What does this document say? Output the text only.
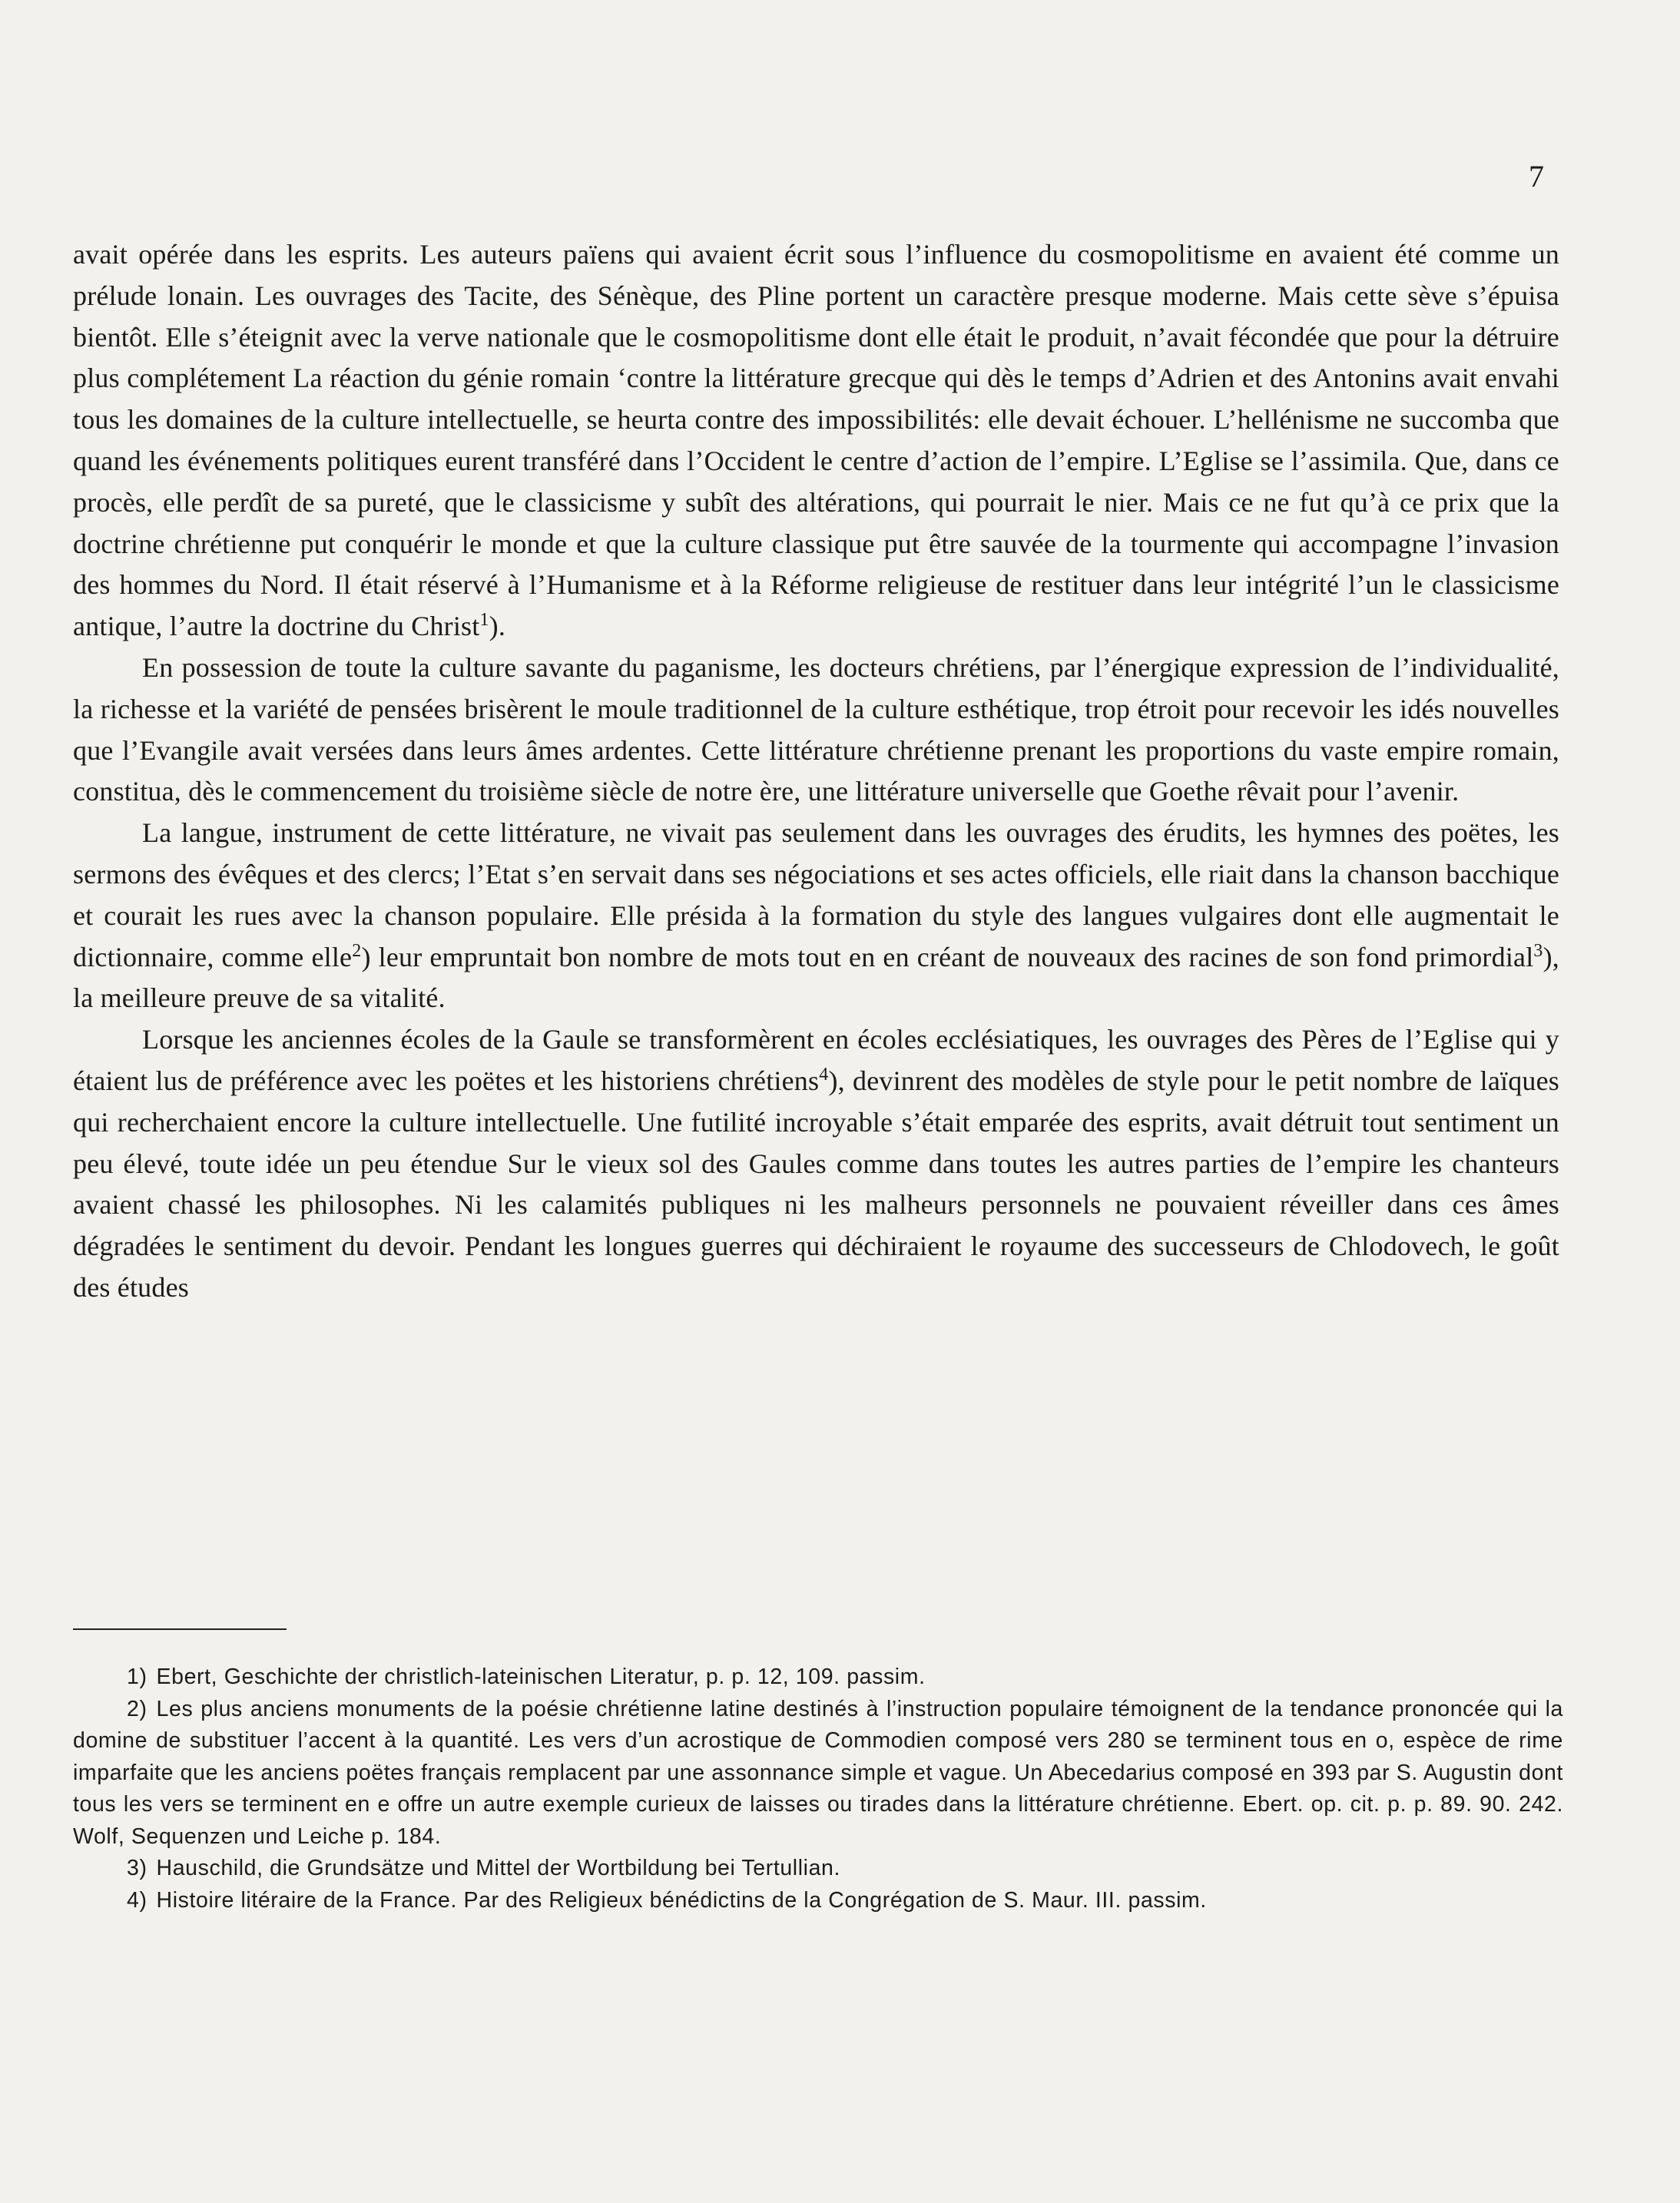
7

avait opérée dans les esprits. Les auteurs païens qui avaient écrit sous l’influence du cosmopolitisme en avaient été comme un prélude lonain. Les ouvrages des Tacite, des Sénèque, des Pline portent un caractère presque moderne. Mais cette sève s’épuisa bientôt. Elle s’éteignit avec la verve nationale que le cosmopolitisme dont elle était le produit, n’avait fécondée que pour la détruire plus complétement La réaction du génie romain ‘contre la littérature grecque qui dès le temps d’Adrien et des Antonins avait envahi tous les domaines de la culture intellectuelle, se heurta contre des impossibilités: elle devait échouer. L’hellénisme ne succomba que quand les événements politiques eurent transféré dans l’Occident le centre d’action de l’empire. L’Eglise se l’assimila. Que, dans ce procès, elle perdît de sa pureté, que le classicisme y subît des altérations, qui pourrait le nier. Mais ce ne fut qu’à ce prix que la doctrine chrétienne put conquérir le monde et que la culture classique put être sauvée de la tourmente qui accompagne l’invasion des hommes du Nord. Il était réservé à l’Humanisme et à la Réforme religieuse de restituer dans leur intégrité l’un le classicisme antique, l’autre la doctrine du Christ$^1$).

En possession de toute la culture savante du paganisme, les docteurs chrétiens, par l’énergique expression de l’individualité, la richesse et la variété de pensées brisèrent le moule traditionnel de la culture esthétique, trop étroit pour recevoir les idés nouvelles que l’Evangile avait versées dans leurs âmes ardentes. Cette littérature chrétienne prenant les proportions du vaste empire romain, constitua, dès le commencement du troisième siècle de notre ère, une littérature universelle que Goethe rêvait pour l’avenir.

La langue, instrument de cette littérature, ne vivait pas seulement dans les ouvrages des érudits, les hymnes des poëtes, les sermons des évêques et des clercs; l’Etat s’en servait dans ses négociations et ses actes officiels, elle riait dans la chanson bacchique et courait les rues avec la chanson populaire. Elle présida à la formation du style des langues vulgaires dont elle augmentait le dictionnaire, comme elle$^2$) leur empruntait bon nombre de mots tout en en créant de nouveaux des racines de son fond primordial$^3$), la meilleure preuve de sa vitalité.

Lorsque les anciennes écoles de la Gaule se transformèrent en écoles ecclésiatiques, les ouvrages des Pères de l’Eglise qui y étaient lus de préférence avec les poëtes et les historiens chrétiens$^4$), devinrent des modèles de style pour le petit nombre de laïques qui recherchaient encore la culture intellectuelle. Une futilité incroyable s’était emparée des esprits, avait détruit tout sentiment un peu élevé, toute idée un peu étendue Sur le vieux sol des Gaules comme dans toutes les autres parties de l’empire les chanteurs avaient chassé les philosophes. Ni les calamités publiques ni les malheurs personnels ne pouvaient réveiller dans ces âmes dégradées le sentiment du devoir. Pendant les longues guerres qui déchiraient le royaume des successeurs de Chlodovech, le goût des études

1) Ebert, Geschichte der christlich-lateinischen Literatur, p. p. 12, 109. passim.

2) Les plus anciens monuments de la poésie chrétienne latine destinés à l’instruction populaire témoignent de la tendance prononcée qui la domine de substituer l’accent à la quantité. Les vers d’un acrostique de Commodien composé vers 280 se terminent tous en o, espèce de rime imparfaite que les anciens poëtes français remplacent par une assonnance simple et vague. Un Abecedarius composé en 393 par S. Augustin dont tous les vers se terminent en e offre un autre exemple curieux de laisses ou tirades dans la littérature chrétienne. Ebert. op. cit. p. p. 89. 90. 242. Wolf, Sequenzen und Leiche p. 184.

3) Hauschild, die Grundsätze und Mittel der Wortbildung bei Tertullian.

4) Histoire litéraire de la France. Par des Religieux bénédictins de la Congrégation de S. Maur. III. passim.
